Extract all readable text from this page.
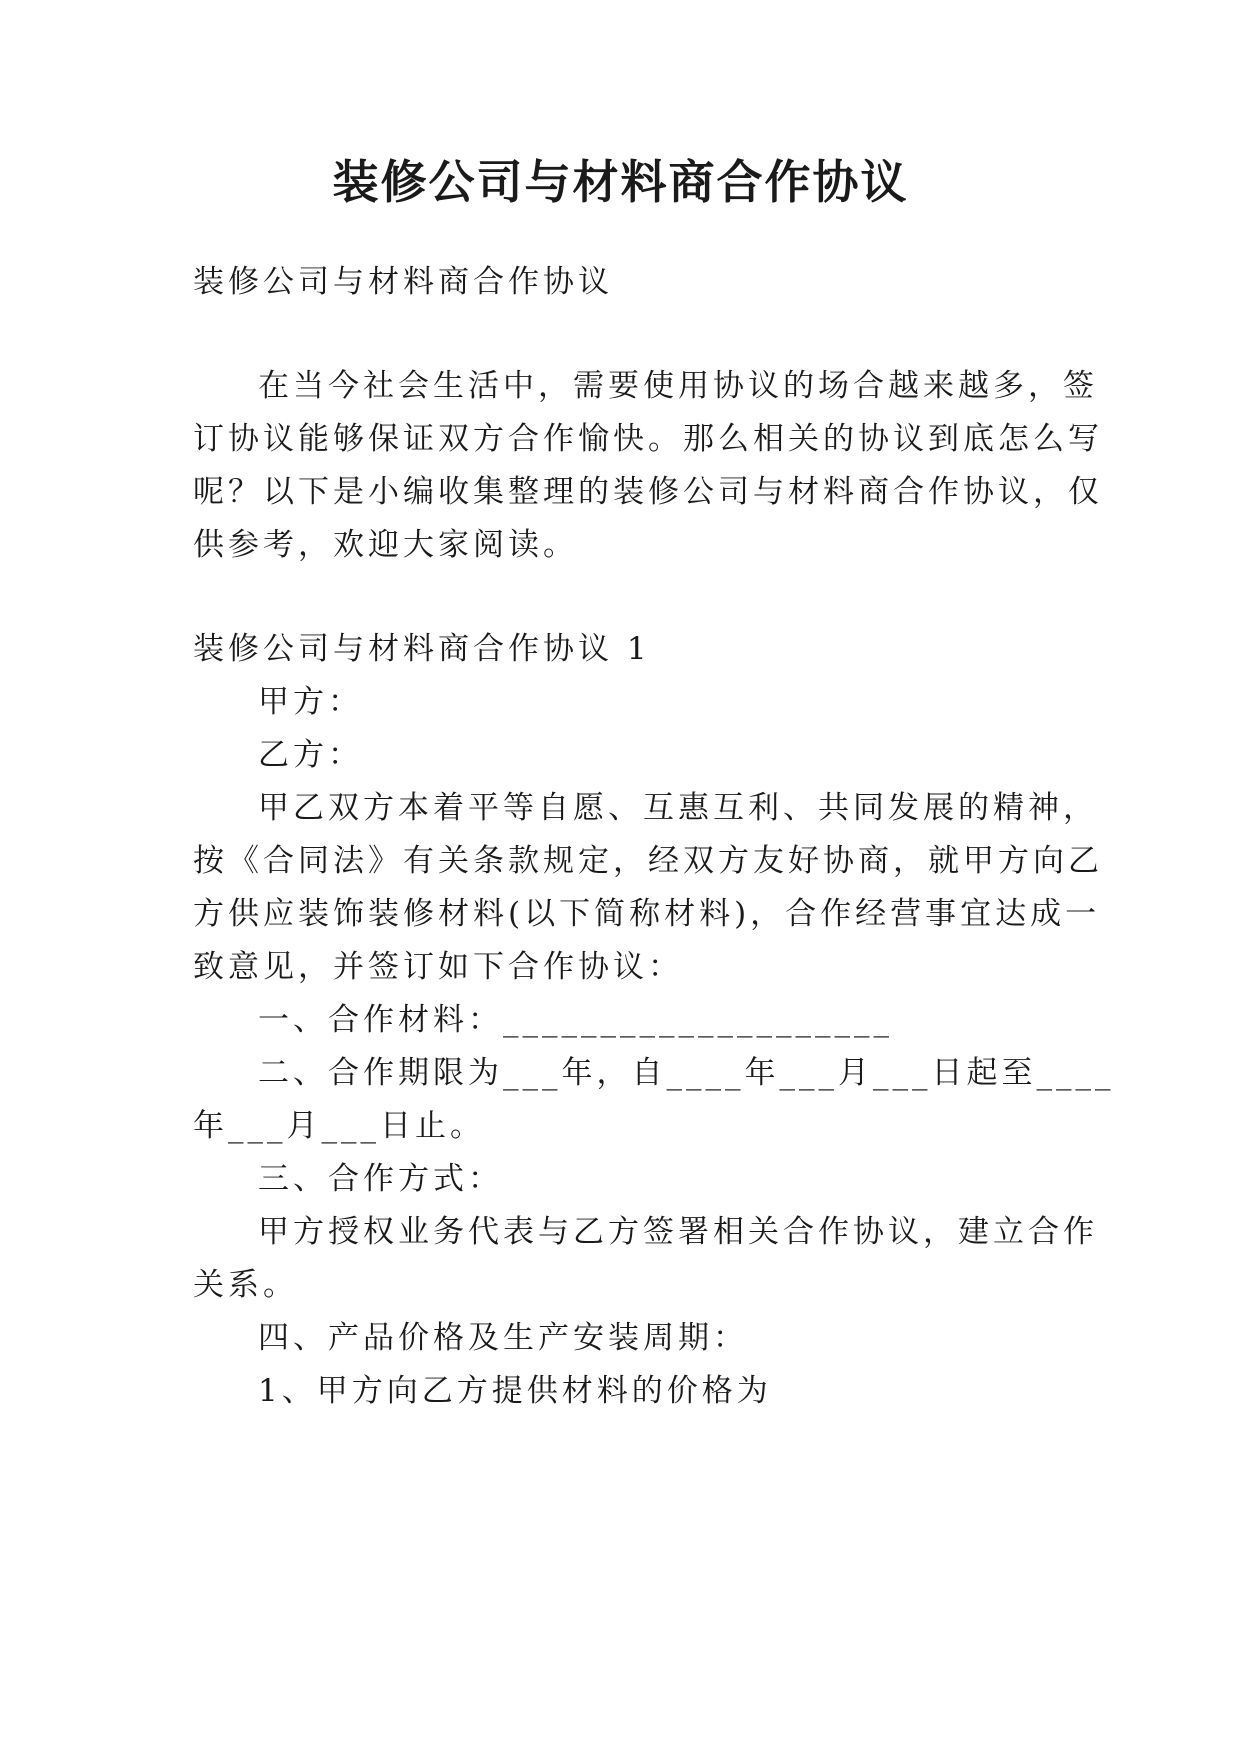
装修公司与材料商合作协议
装修公司与材料商合作协议
在当今社会生活中，需要使用协议的场合越来越多，签
订协议能够保证双方合作愉快。那么相关的协议到底怎么写
呢？以下是小编收集整理的装修公司与材料商合作协议，仅
供参考，欢迎大家阅读。
装修公司与材料商合作协议 1
甲方：
乙方：
甲乙双方本着平等自愿、互惠互利、共同发展的精神，
按《合同法》有关条款规定，经双方友好协商，就甲方向乙
方供应装饰装修材料(以下简称材料)，合作经营事宜达成一
致意见，并签订如下合作协议：
一、合作材料：____________________
二、合作期限为___年，自____年___月___日起至____
年___月___日止。
三、合作方式：
甲方授权业务代表与乙方签署相关合作协议，建立合作
关系。
四、产品价格及生产安装周期：
1、甲方向乙方提供材料的价格为
